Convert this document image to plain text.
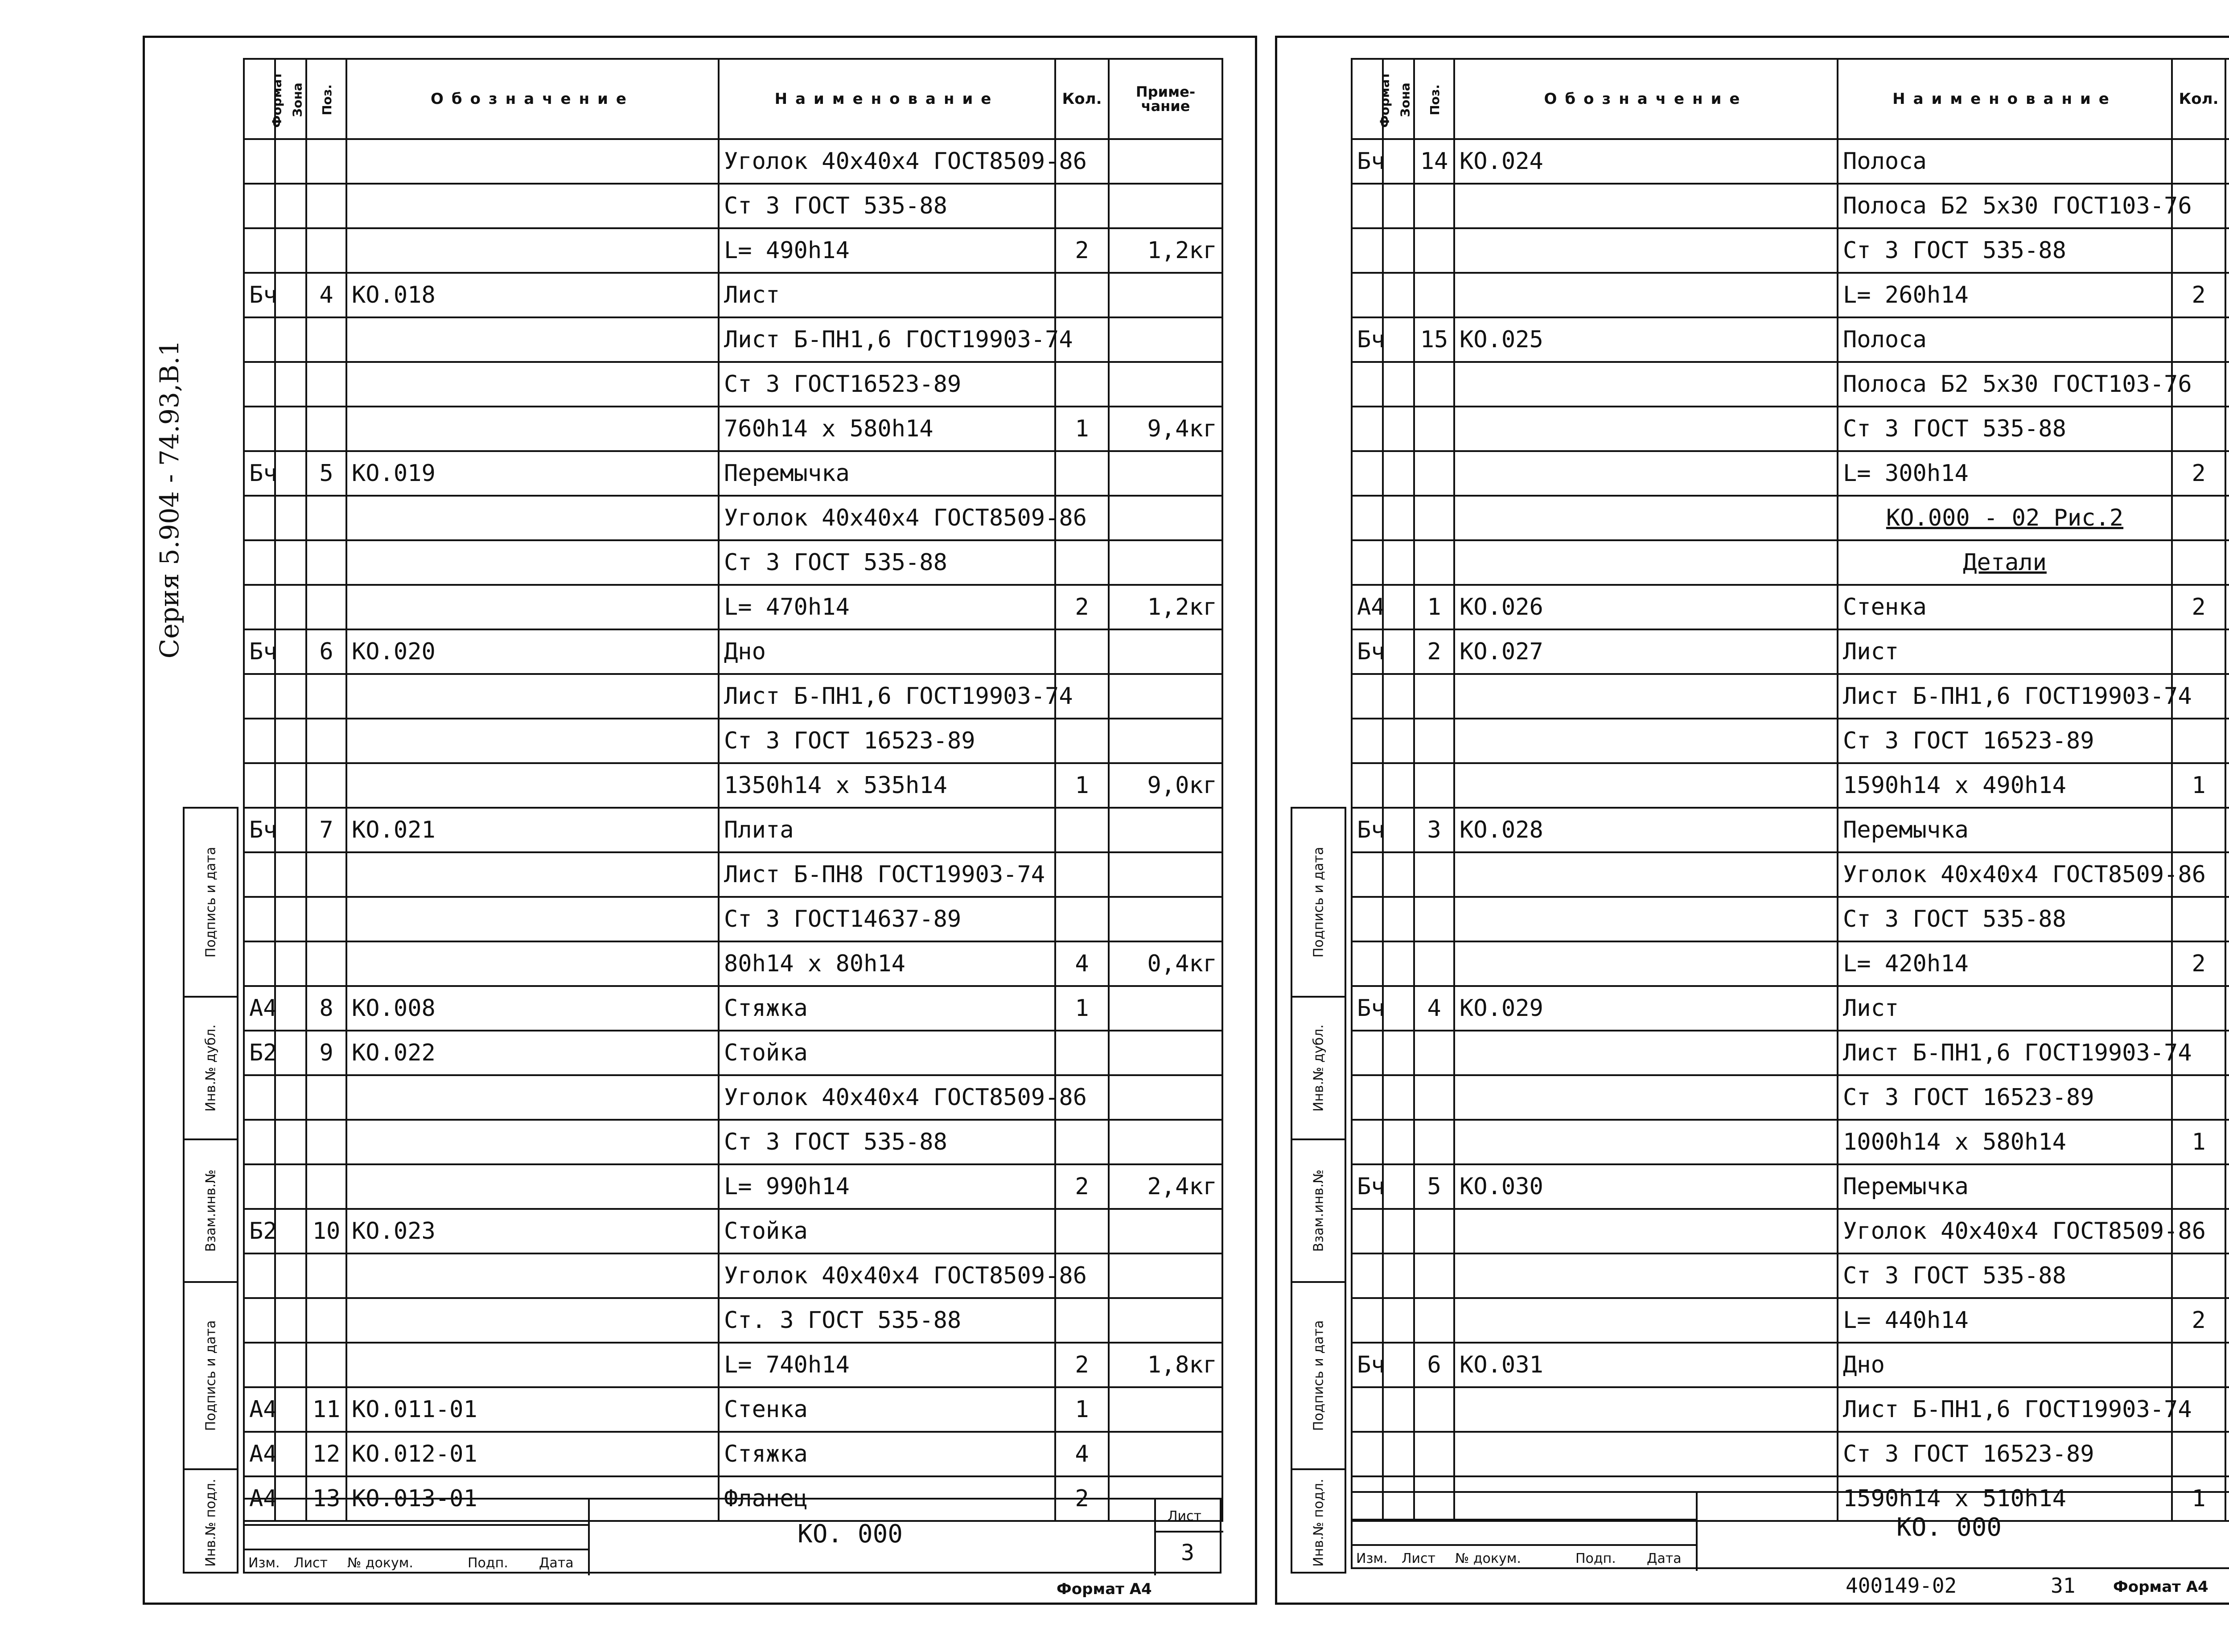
Серия 5.904 - 74.93,В.1
Подпись и дата
Инв.№ дубл.
Взам.инв.№
Подпись и дата
Инв.№ подл.
Формат	Зона	Поз.	Обозначение	Наименование	Кол.	Приме-чание
				Уголок 40х40х4 ГОСТ8509-86		
				Ст 3 ГОСТ 535-88		
				L= 490h14	2	1,2кг
Бч		4	КО.018	Лист		
				Лист Б-ПН1,6 ГОСТ19903-74		
				Ст 3 ГОСТ16523-89		
				760h14 х 580h14	1	9,4кг
Бч		5	КО.019	Перемычка		
				Уголок 40х40х4 ГОСТ8509-86		
				Ст 3 ГОСТ 535-88		
				L= 470h14	2	1,2кг
Бч		6	КО.020	Дно		
				Лист Б-ПН1,6 ГОСТ19903-74		
				Ст 3 ГОСТ 16523-89		
				1350h14 х 535h14	1	9,0кг
Бч		7	КО.021	Плита		
				Лист Б-ПН8 ГОСТ19903-74		
				Ст 3 ГОСТ14637-89		
				80h14 х 80h14	4	0,4кг
А4		8	КО.008	Стяжка	1	
Б2		9	КО.022	Стойка		
				Уголок 40х40х4 ГОСТ8509-86		
				Ст 3 ГОСТ 535-88		
				L= 990h14	2	2,4кг
Б2		10	КО.023	Стойка		
				Уголок 40х40х4 ГОСТ8509-86		
				Ст. 3 ГОСТ 535-88		
				L= 740h14	2	1,8кг
А4		11	КО.011-01	Стенка	1	
А4		12	КО.012-01	Стяжка	4	
А4		13	КО.013-01	Фланец	2	
КО. 000
Лист
3
Изм. Лист № докум.	Подп. Дата
Формат А4
Подпись и дата
Инв.№ дубл.
Взам.инв.№
Подпись и дата
Инв.№ подл.
Формат	Зона	Поз.	Обозначение	Наименование	Кол.	
Бч		14	КО.024	Полоса		
				Полоса Б2 5х30 ГОСТ103-76		
				Ст 3 ГОСТ 535-88		
				L= 260h14	2	
Бч		15	КО.025	Полоса		
				Полоса Б2 5х30 ГОСТ103-76		
				Ст 3 ГОСТ 535-88		
				L= 300h14	2	
				КО.000 - 02 Рис.2		
				Детали		
А4		1	КО.026	Стенка	2	
Бч		2	КО.027	Лист		
				Лист Б-ПН1,6 ГОСТ19903-74		
				Ст 3 ГОСТ 16523-89		
				1590h14 х 490h14	1	
Бч		3	КО.028	Перемычка		
				Уголок 40х40х4 ГОСТ8509-86		
				Ст 3 ГОСТ 535-88		
				L= 420h14	2	
Бч		4	КО.029	Лист		
				Лист Б-ПН1,6 ГОСТ19903-74		
				Ст 3 ГОСТ 16523-89		
				1000h14 х 580h14	1	
Бч		5	КО.030	Перемычка		
				Уголок 40х40х4 ГОСТ8509-86		
				Ст 3 ГОСТ 535-88		
				L= 440h14	2	
Бч		6	КО.031	Дно		
				Лист Б-ПН1,6 ГОСТ19903-74		
				Ст 3 ГОСТ 16523-89		
				1590h14 х 510h14	1	
КО. 000
Изм. Лист № докум.	Подп. Дата
400149-02	31 Формат А4
